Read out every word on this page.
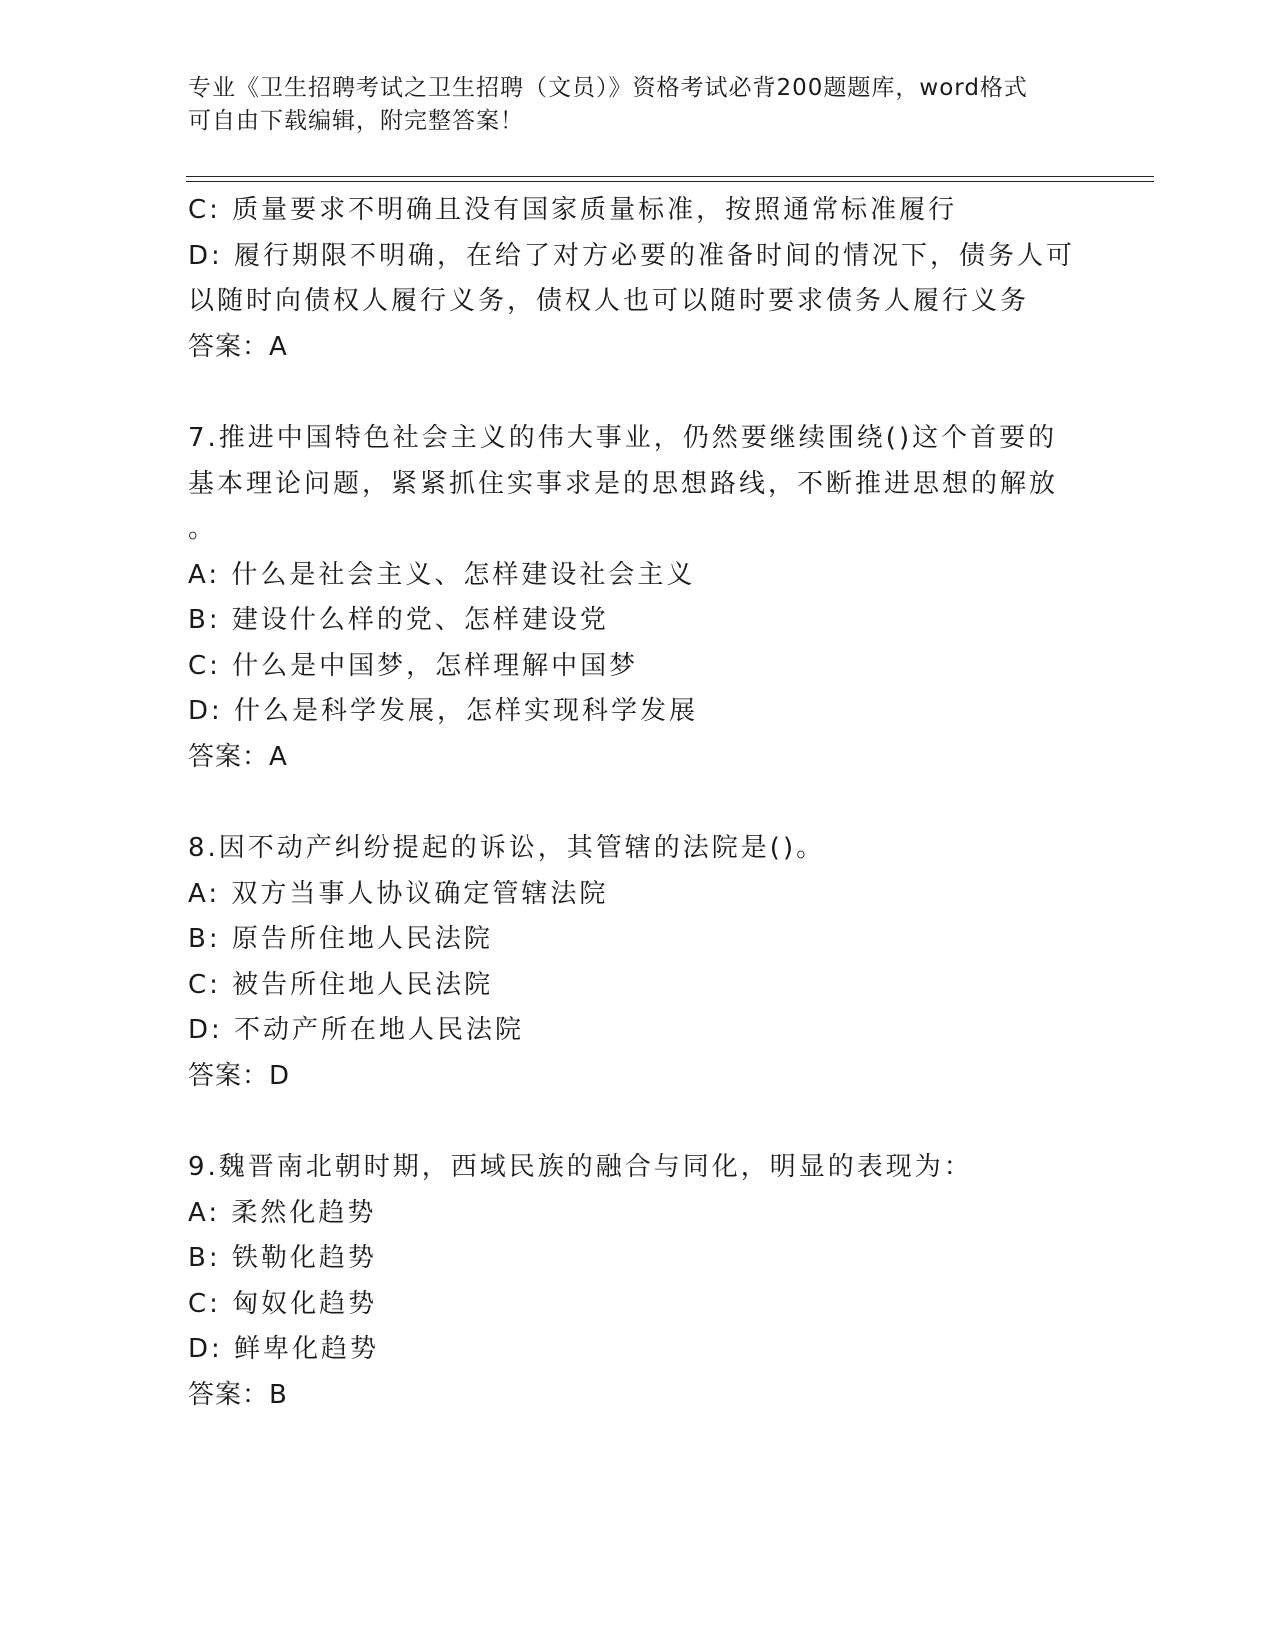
专业《卫生招聘考试之卫生招聘（文员）》资格考试必背200题题库，word格式
可自由下载编辑，附完整答案！
C: 质量要求不明确且没有国家质量标准，按照通常标准履行
D: 履行期限不明确，在给了对方必要的准备时间的情况下，债务人可
以随时向债权人履行义务，债权人也可以随时要求债务人履行义务
答案：A
7.推进中国特色社会主义的伟大事业，仍然要继续围绕()这个首要的
基本理论问题，紧紧抓住实事求是的思想路线，不断推进思想的解放
。
A: 什么是社会主义、怎样建设社会主义
B: 建设什么样的党、怎样建设党
C: 什么是中国梦，怎样理解中国梦
D: 什么是科学发展，怎样实现科学发展
答案：A
8.因不动产纠纷提起的诉讼，其管辖的法院是()。
A: 双方当事人协议确定管辖法院
B: 原告所住地人民法院
C: 被告所住地人民法院
D: 不动产所在地人民法院
答案：D
9.魏晋南北朝时期，西域民族的融合与同化，明显的表现为：
A: 柔然化趋势
B: 铁勒化趋势
C: 匈奴化趋势
D: 鲜卑化趋势
答案：B
